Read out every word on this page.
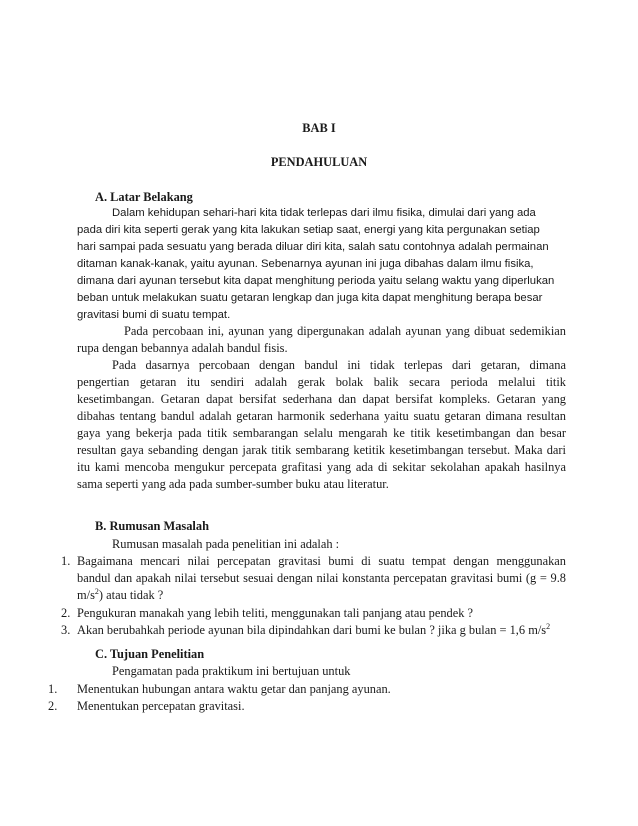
BAB I
PENDAHULUAN
A. Latar Belakang
Dalam kehidupan sehari-hari kita tidak terlepas dari ilmu fisika, dimulai dari yang ada
pada diri kita seperti gerak yang kita lakukan setiap saat, energi yang kita pergunakan setiap
hari sampai pada sesuatu yang berada diluar diri kita, salah satu contohnya adalah permainan
ditaman kanak-kanak, yaitu ayunan. Sebenarnya ayunan ini juga dibahas dalam ilmu fisika,
dimana dari ayunan tersebut kita dapat menghitung perioda yaitu selang waktu yang diperlukan
beban untuk melakukan suatu getaran lengkap dan juga kita dapat menghitung berapa besar
gravitasi bumi di suatu tempat.
Pada percobaan ini, ayunan yang dipergunakan adalah ayunan yang dibuat sedemikian
rupa dengan bebannya adalah bandul fisis.
Pada dasarnya percobaan dengan bandul ini tidak terlepas dari getaran, dimana
pengertian getaran itu sendiri adalah gerak bolak balik secara perioda melalui titik
kesetimbangan. Getaran dapat bersifat sederhana dan dapat bersifat kompleks. Getaran yang
dibahas tentang bandul adalah getaran harmonik sederhana yaitu suatu getaran dimana resultan
gaya yang bekerja pada titik sembarangan selalu mengarah ke titik kesetimbangan dan besar
resultan gaya sebanding dengan jarak titik sembarang ketitik kesetimbangan tersebut. Maka dari
itu kami mencoba mengukur percepata grafitasi yang ada di sekitar sekolahan apakah hasilnya
sama seperti yang ada pada sumber-sumber buku atau literatur.
B. Rumusan Masalah
Rumusan masalah pada penelitian ini adalah :
1. Bagaimana mencari nilai percepatan gravitasi bumi di suatu tempat dengan menggunakan
bandul dan apakah nilai tersebut sesuai dengan nilai konstanta percepatan gravitasi bumi (g = 9.8
$m/s^2$) atau tidak ?
2. Pengukuran manakah yang lebih teliti, menggunakan tali panjang atau pendek ?
3. Akan berubahkah periode ayunan bila dipindahkan dari bumi ke bulan ? jika g bulan = 1,6 $m/s^2$
C. Tujuan Penelitian
Pengamatan pada praktikum ini bertujuan untuk
1. Menentukan hubungan antara waktu getar dan panjang ayunan.
2. Menentukan percepatan gravitasi.
